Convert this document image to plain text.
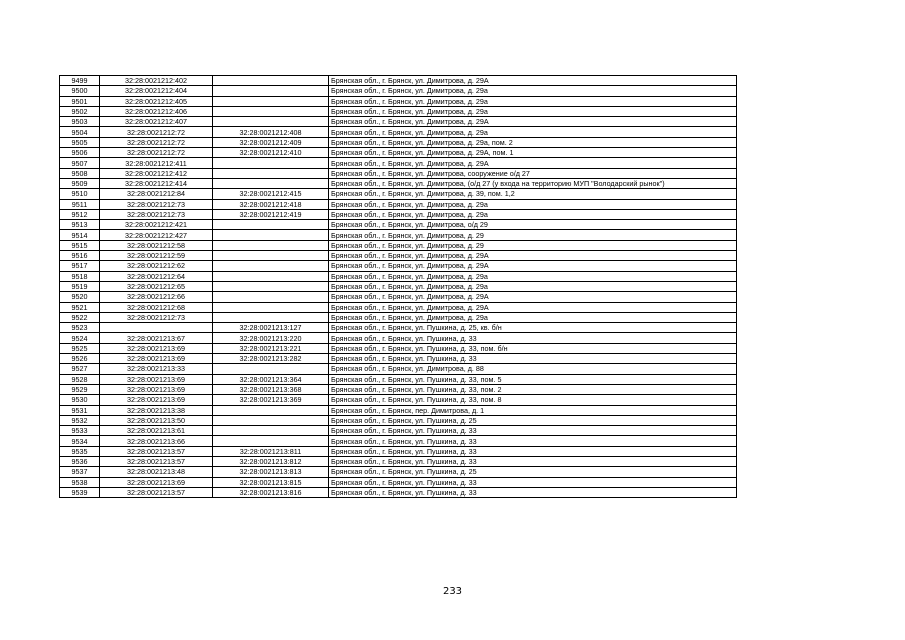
9499	32:28:0021212:402		Брянская обл., г. Брянск, ул. Димитрова, д. 29А
9500	32:28:0021212:404		Брянская обл., г. Брянск, ул. Димитрова, д. 29а
9501	32:28:0021212:405		Брянская обл., г. Брянск, ул. Димитрова, д. 29а
9502	32:28:0021212:406		Брянская обл., г. Брянск, ул. Димитрова, д. 29а
9503	32:28:0021212:407		Брянская обл., г. Брянск, ул. Димитрова, д. 29А
9504	32:28:0021212:72	32:28:0021212:408	Брянская обл., г. Брянск, ул. Димитрова, д. 29а
9505	32:28:0021212:72	32:28:0021212:409	Брянская обл., г. Брянск, ул. Димитрова, д. 29а, пом. 2
9506	32:28:0021212:72	32:28:0021212:410	Брянская обл., г. Брянск, ул. Димитрова, д. 29А, пом. 1
9507	32:28:0021212:411		Брянская обл., г. Брянск, ул. Димитрова, д. 29А
9508	32:28:0021212:412		Брянская обл., г. Брянск, ул. Димитрова, сооружение о/д 27
9509	32:28:0021212:414		Брянская обл., г. Брянск, ул. Димитрова, (о/д 27 (у входа на территорию МУП "Володарский рынок")
9510	32:28:0021212:84	32:28:0021212:415	Брянская обл., г. Брянск, ул. Димитрова, д. 39, пом. 1,2
9511	32:28:0021212:73	32:28:0021212:418	Брянская обл., г. Брянск, ул. Димитрова, д. 29а
9512	32:28:0021212:73	32:28:0021212:419	Брянская обл., г. Брянск, ул. Димитрова, д. 29а
9513	32:28:0021212:421		Брянская обл., г. Брянск, ул. Димитрова, о/д 29
9514	32:28:0021212:427		Брянская обл., г. Брянск, ул. Димитрова, д. 29
9515	32:28:0021212:58		Брянская обл., г. Брянск, ул. Димитрова, д. 29
9516	32:28:0021212:59		Брянская обл., г. Брянск, ул. Димитрова, д. 29А
9517	32:28:0021212:62		Брянская обл., г. Брянск, ул. Димитрова, д. 29А
9518	32:28:0021212:64		Брянская обл., г. Брянск, ул. Димитрова, д. 29а
9519	32:28:0021212:65		Брянская обл., г. Брянск, ул. Димитрова, д. 29а
9520	32:28:0021212:66		Брянская обл., г. Брянск, ул. Димитрова, д. 29А
9521	32:28:0021212:68		Брянская обл., г. Брянск, ул. Димитрова, д. 29А
9522	32:28:0021212:73		Брянская обл., г. Брянск, ул. Димитрова, д. 29а
9523		32:28:0021213:127	Брянская обл., г. Брянск, ул. Пушкина, д. 25, кв. б/н
9524	32:28:0021213:67	32:28:0021213:220	Брянская обл., г. Брянск, ул. Пушкина, д. 33
9525	32:28:0021213:69	32:28:0021213:221	Брянская обл., г. Брянск, ул. Пушкина, д. 33, пом. б/н
9526	32:28:0021213:69	32:28:0021213:282	Брянская обл., г. Брянск, ул. Пушкина, д. 33
9527	32:28:0021213:33		Брянская обл., г. Брянск, ул. Димитрова, д. 88
9528	32:28:0021213:69	32:28:0021213:364	Брянская обл., г. Брянск, ул. Пушкина, д. 33, пом. 5
9529	32:28:0021213:69	32:28:0021213:368	Брянская обл., г. Брянск, ул. Пушкина, д. 33, пом. 2
9530	32:28:0021213:69	32:28:0021213:369	Брянская обл., г. Брянск, ул. Пушкина, д. 33, пом. 8
9531	32:28:0021213:38		Брянская обл., г. Брянск, пер. Димитрова, д. 1
9532	32:28:0021213:50		Брянская обл., г. Брянск, ул. Пушкина, д. 25
9533	32:28:0021213:61		Брянская обл., г. Брянск, ул. Пушкина, д. 33
9534	32:28:0021213:66		Брянская обл., г. Брянск, ул. Пушкина, д. 33
9535	32:28:0021213:57	32:28:0021213:811	Брянская обл., г. Брянск, ул. Пушкина, д. 33
9536	32:28:0021213:57	32:28:0021213:812	Брянская обл., г. Брянск, ул. Пушкина, д. 33
9537	32:28:0021213:48	32:28:0021213:813	Брянская обл., г. Брянск, ул. Пушкина, д. 25
9538	32:28:0021213:69	32:28:0021213:815	Брянская обл., г. Брянск, ул. Пушкина, д. 33
9539	32:28:0021213:57	32:28:0021213:816	Брянская обл., г. Брянск, ул. Пушкина, д. 33
233
